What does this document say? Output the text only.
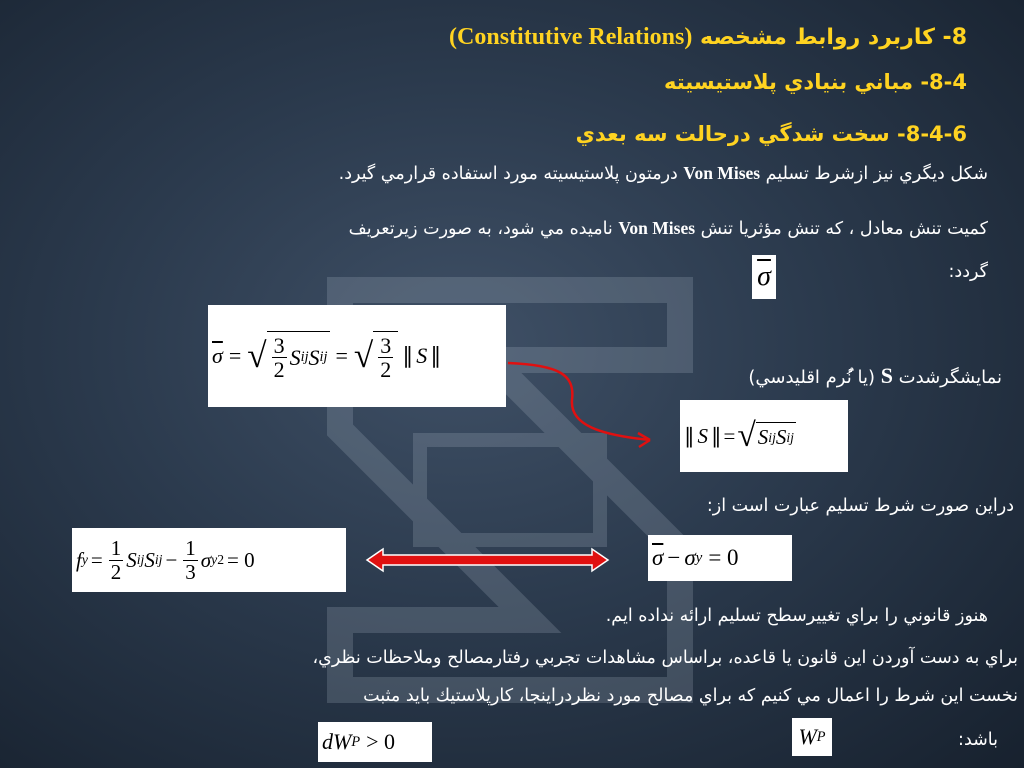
8- كاربرد روابط مشخصه (Constitutive Relations)
8-4- مباني بنيادي پلاستيسيته
8-4-6- سخت شدگي درحالت سه بعدي
شكل ديگري نيز ازشرط تسليم Von Mises درمتون پلاستيسيته مورد استفاده قرارمي گيرد.
كميت تنش معادل ، كه تنش مؤثريا تنش Von Mises ناميده مي شود، به صورت زيرتعريف
گردد:
$\overline{\sigma}$
$\overline{\sigma}$ = √ $\frac{3}{2}$ S ij S ij = √ $\frac{3}{2}$ ∥ S ∥
نمايشگرشدت S (يا نُ‍ُرم اقليدسي)
∥ S ∥ = √ S ij S ij
دراين صورت شرط تسليم عبارت است از:
f $y = \frac{1}{2}$ S ij S ij − $\frac{1}{3}$ σ y 2 = 0	$\overline{\sigma} - \sigma$ y = 0
هنوز قانوني را براي تغييرسطح تسليم ارائه نداده ايم.
براي به دست آوردن اين قانون يا قاعده، براساس مشاهدات تجربي رفتارمصالح وملاحظات نظري،
نخست اين شرط را اعمال مي كنيم كه براي مصالح مورد نظردراينجا، كارپلاستيك بايد مثبت
باشد:
W P
dW P > 0
